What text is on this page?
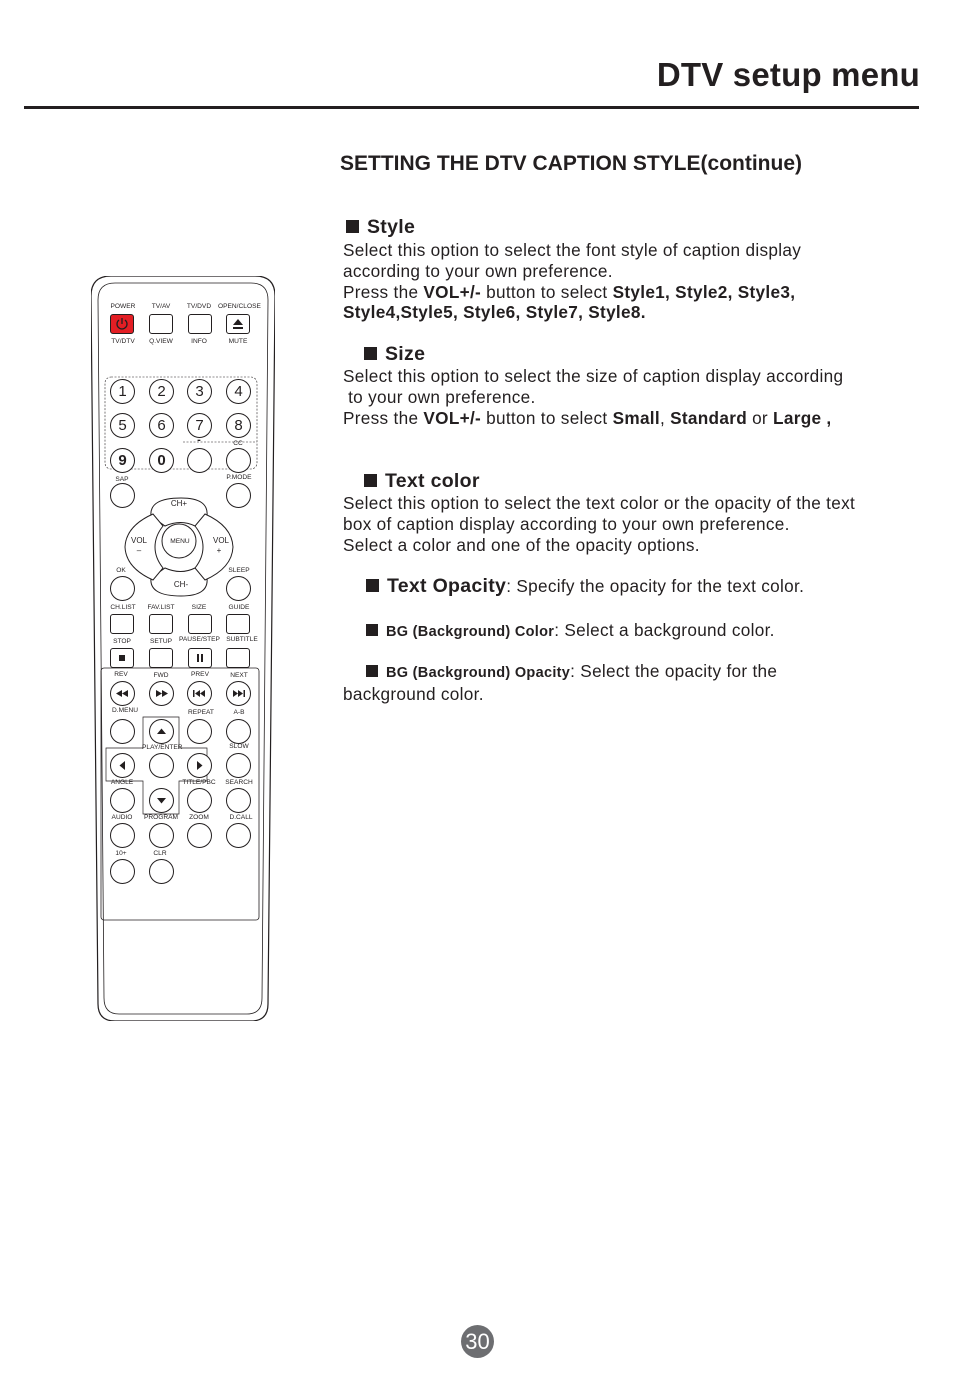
DTV setup menu
SETTING THE DTV CAPTION STYLE(continue)
Style
Select this option to select the font style of caption display
according to your own preference.
Press the VOL+/- button to select Style1, Style2, Style3,
Style4,Style5, Style6, Style7, Style8.
Size
Select this option to select the size of caption display according
to your own preference.
Press the VOL+/- button to select Small, Standard or Large ,
Text color
Select this option to select the text color or the opacity of the text
box of caption display according to your own preference.
Select a color and one of the opacity options.
Text Opacity: Specify the opacity for the text color.
BG (Background) Color: Select a background color.
BG (Background) Opacity: Select the opacity for the
background color.
30
POWER	TV/AV	TV/DVD	OPEN/CLOSE
TV/DTV	Q.VIEW	INFO	MUTE
1	2	3	4
5	6	7	8
9	0
-	CC
SAP	P.MODE
CH+
CH-
VOL
–
VOL
+
MENU
OK	SLEEP
CH.LIST	FAV.LIST	SIZE	GUIDE
STOP	SETUP	PAUSE/STEP SUBTITLE
REV	FWD	PREV	NEXT
D.MENU	REPEAT	A-B
PLAY/ENTER	SLOW
ANGLE	TITLE/PBC	SEARCH
AUDIO	PROGRAM	ZOOM	D.CALL
10+	CLR
